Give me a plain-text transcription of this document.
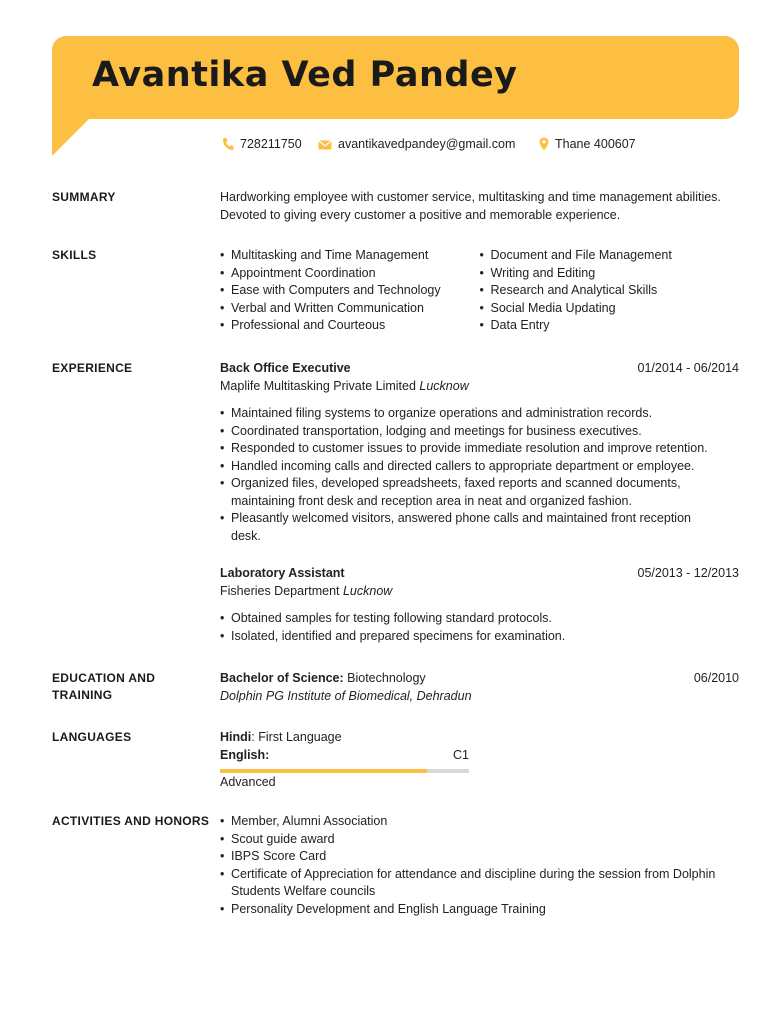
Avantika Ved Pandey
728211750	avantikavedpandey@gmail.com	Thane 400607
SUMMARY	Hardworking employee with customer service, multitasking and time management abilities. Devoted to giving every customer a positive and memorable experience.
SKILLS	• Multitasking and Time Management
• Appointment Coordination
• Ease with Computers and Technology
• Verbal and Written Communication
• Professional and Courteous
• Document and File Management
• Writing and Editing
• Research and Analytical Skills
• Social Media Updating
• Data Entry
EXPERIENCE	Back Office Executive	01/2014 - 06/2014
Maplife Multitasking Private Limited Lucknow
• Maintained filing systems to organize operations and administration records.
• Coordinated transportation, lodging and meetings for business executives.
• Responded to customer issues to provide immediate resolution and improve retention.
• Handled incoming calls and directed callers to appropriate department or employee.
• Organized files, developed spreadsheets, faxed reports and scanned documents, maintaining front desk and reception area in neat and organized fashion.
• Pleasantly welcomed visitors, answered phone calls and maintained front reception desk.
Laboratory Assistant	05/2013 - 12/2013
Fisheries Department Lucknow
• Obtained samples for testing following standard protocols.
• Isolated, identified and prepared specimens for examination.
EDUCATION AND
TRAINING
Bachelor of Science: Biotechnology	06/2010
Dolphin PG Institute of Biomedical, Dehradun
LANGUAGES	Hindi: First Language
English:	C1
Advanced
ACTIVITIES AND HONORS	• Member, Alumni Association
• Scout guide award
• IBPS Score Card
• Certificate of Appreciation for attendance and discipline during the session from Dolphin Students Welfare councils
• Personality Development and English Language Training
